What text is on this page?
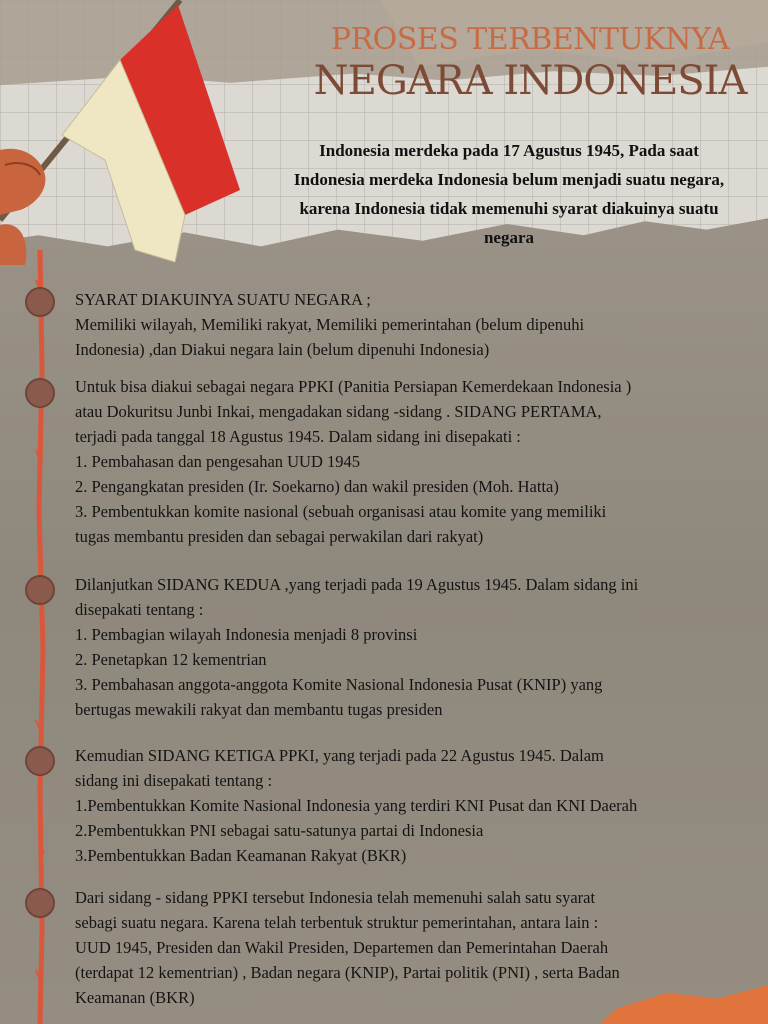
PROSES TERBENTUKNYA
NEGARA INDONESIA
Indonesia merdeka pada 17 Agustus 1945, Pada saat
Indonesia merdeka Indonesia belum menjadi suatu negara,
karena Indonesia tidak memenuhi syarat diakuinya suatu
negara

SYARAT DIAKUINYA SUATU NEGARA ;

Memiliki wilayah, Memiliki rakyat, Memiliki pemerintahan (belum dipenuhi

Indonesia) ,dan Diakui negara lain (belum dipenuhi Indonesia)

Untuk bisa diakui sebagai negara PPKI (Panitia Persiapan Kemerdekaan Indonesia )

atau Dokuritsu Junbi Inkai, mengadakan sidang -sidang . SIDANG PERTAMA,

terjadi pada tanggal 18 Agustus 1945. Dalam sidang ini disepakati :

1. Pembahasan dan pengesahan UUD 1945
2. Pengangkatan presiden (Ir. Soekarno) dan wakil presiden (Moh. Hatta)
3. Pembentukkan komite nasional (sebuah organisasi atau komite yang memiliki
tugas membantu presiden dan sebagai perwakilan dari rakyat)

Dilanjutkan SIDANG KEDUA ,yang terjadi pada 19 Agustus 1945. Dalam sidang ini

disepakati tentang :

1. Pembagian wilayah Indonesia menjadi 8 provinsi
2. Penetapkan 12 kementrian
3. Pembahasan anggota-anggota Komite Nasional Indonesia Pusat (KNIP) yang
bertugas mewakili rakyat dan membantu tugas presiden

Kemudian SIDANG KETIGA PPKI, yang terjadi pada 22 Agustus 1945. Dalam

sidang ini disepakati tentang :

1.Pembentukkan Komite Nasional Indonesia yang terdiri KNI Pusat dan KNI Daerah
2.Pembentukkan PNI sebagai satu-satunya partai di Indonesia
3.Pembentukkan Badan Keamanan Rakyat (BKR)

Dari sidang - sidang PPKI tersebut Indonesia telah memenuhi salah satu syarat

sebagi suatu negara. Karena telah terbentuk struktur pemerintahan, antara lain :

UUD 1945, Presiden dan Wakil Presiden, Departemen dan Pemerintahan Daerah

(terdapat 12 kementrian) , Badan negara (KNIP), Partai politik (PNI) , serta Badan

Keamanan (BKR)
